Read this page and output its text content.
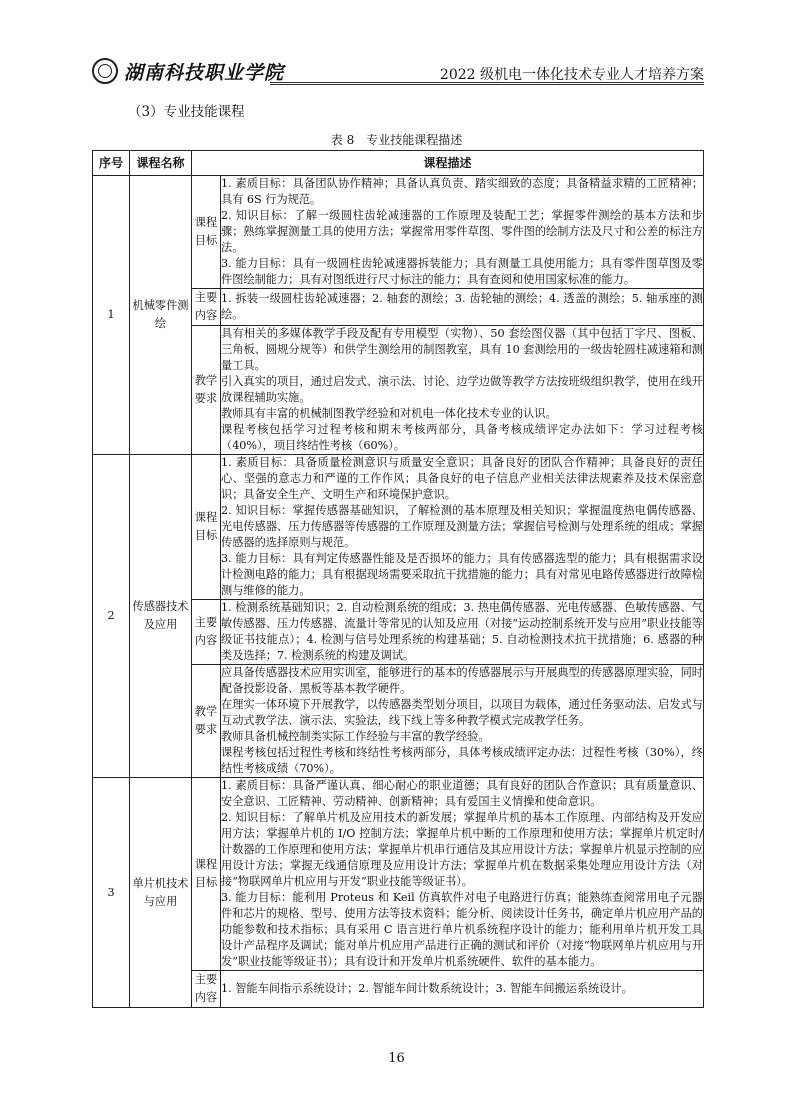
湖南科技职业学院	2022 级机电一体化技术专业人才培养方案
（3）专业技能课程
表 8　专业技能课程描述
序号	课程名称	课程描述	
1	机械零件测绘	课程目标	1. 素质目标：具备团队协作精神；具备认真负责、踏实细致的态度；具备精益求精的工匠精神；具有 6S 行为规范。

2. 知识目标：了解一级圆柱齿轮减速器的工作原理及装配工艺；掌握零件测绘的基本方法和步骤；熟练掌握测量工具的使用方法；掌握常用零件草图、零件图的绘制方法及尺寸和公差的标注方法。

3. 能力目标：具有一级圆柱齿轮减速器拆装能力；具有测量工具使用能力；具有零件图草图及零件图绘制能力；具有对图纸进行尺寸标注的能力；具有查阅和使用国家标准的能力。

		主要内容	1. 拆装一级圆柱齿轮减速器；2. 轴套的测绘；3. 齿轮轴的测绘；4. 透盖的测绘；5. 轴承座的测绘。

		教学要求	具有相关的多媒体教学手段及配有专用模型（实物）、50 套绘图仪器（其中包括丁字尺、图板、三角板、圆规分规等）和供学生测绘用的制图教室，具有 10 套测绘用的一级齿轮圆柱减速箱和测量工具。

引入真实的项目，通过启发式、演示法、讨论、边学边做等教学方法按班级组织教学，使用在线开放课程辅助实施。

教师具有丰富的机械制图教学经验和对机电一体化技术专业的认识。

课程考核包括学习过程考核和期末考核两部分，具备考核成绩评定办法如下：学习过程考核（40%），项目终结性考核（60%）。

2	传感器技术及应用	课程目标	1. 素质目标：具备质量检测意识与质量安全意识；具备良好的团队合作精神；具备良好的责任心、坚强的意志力和严谨的工作作风；具备良好的电子信息产业相关法律法规素养及技术保密意识；具备安全生产、文明生产和环境保护意识。

2. 知识目标：掌握传感器基础知识，了解检测的基本原理及相关知识；掌握温度热电偶传感器、光电传感器、压力传感器等传感器的工作原理及测量方法；掌握信号检测与处理系统的组成；掌握传感器的选择原则与规范。

3. 能力目标：具有判定传感器性能及是否损坏的能力；具有传感器选型的能力；具有根据需求设计检测电路的能力；具有根据现场需要采取抗干扰措施的能力；具有对常见电路传感器进行故障检测与维修的能力。

		主要内容	1. 检测系统基础知识；2. 自动检测系统的组成；3. 热电偶传感器、光电传感器、色敏传感器、气敏传感器、压力传感器、流量计等常见的认知及应用（对接“运动控制系统开发与应用”职业技能等级证书技能点）；4. 检测与信号处理系统的构建基础；5. 自动检测技术抗干扰措施；6. 感器的种类及选择；7. 检测系统的构建及调试。

		教学要求	应具备传感器技术应用实训室，能够进行的基本的传感器展示与开展典型的传感器原理实验，同时配备投影设备、黑板等基本教学硬件。

在理实一体环境下开展教学，以传感器类型划分项目，以项目为载体，通过任务驱动法、启发式与互动式教学法、演示法、实验法，线下线上等多种教学模式完成教学任务。

教师具备机械控制类实际工作经验与丰富的教学经验。

课程考核包括过程性考核和终结性考核两部分，具体考核成绩评定办法：过程性考核（30%），终结性考核成绩（70%）。

3	单片机技术与应用	课程目标	1. 素质目标：具备严谨认真、细心耐心的职业道德；具有良好的团队合作意识；具有质量意识、安全意识、工匠精神、劳动精神、创新精神；具有爱国主义情操和使命意识。

2. 知识目标：了解单片机及应用技术的新发展；掌握单片机的基本工作原理、内部结构及开发应用方法；掌握单片机的 I/O 控制方法；掌握单片机中断的工作原理和使用方法；掌握单片机定时/计数器的工作原理和使用方法；掌握单片机串行通信及其应用设计方法；掌握单片机显示控制的应用设计方法；掌握无线通信原理及应用设计方法；掌握单片机在数据采集处理应用设计方法（对接“物联网单片机应用与开发”职业技能等级证书）。

3. 能力目标：能利用 Proteus 和 Keil 仿真软件对电子电路进行仿真；能熟练查阅常用电子元器件和芯片的规格、型号、使用方法等技术资料；能分析、阅读设计任务书，确定单片机应用产品的功能参数和技术指标；具有采用 C 语言进行单片机系统程序设计的能力；能利用单片机开发工具设计产品程序及调试；能对单片机应用产品进行正确的测试和评价（对接“物联网单片机应用与开发”职业技能等级证书）；具有设计和开发单片机系统硬件、软件的基本能力。

		主要内容	1. 智能车间指示系统设计；2. 智能车间计数系统设计；3. 智能车间搬运系统设计。

16
